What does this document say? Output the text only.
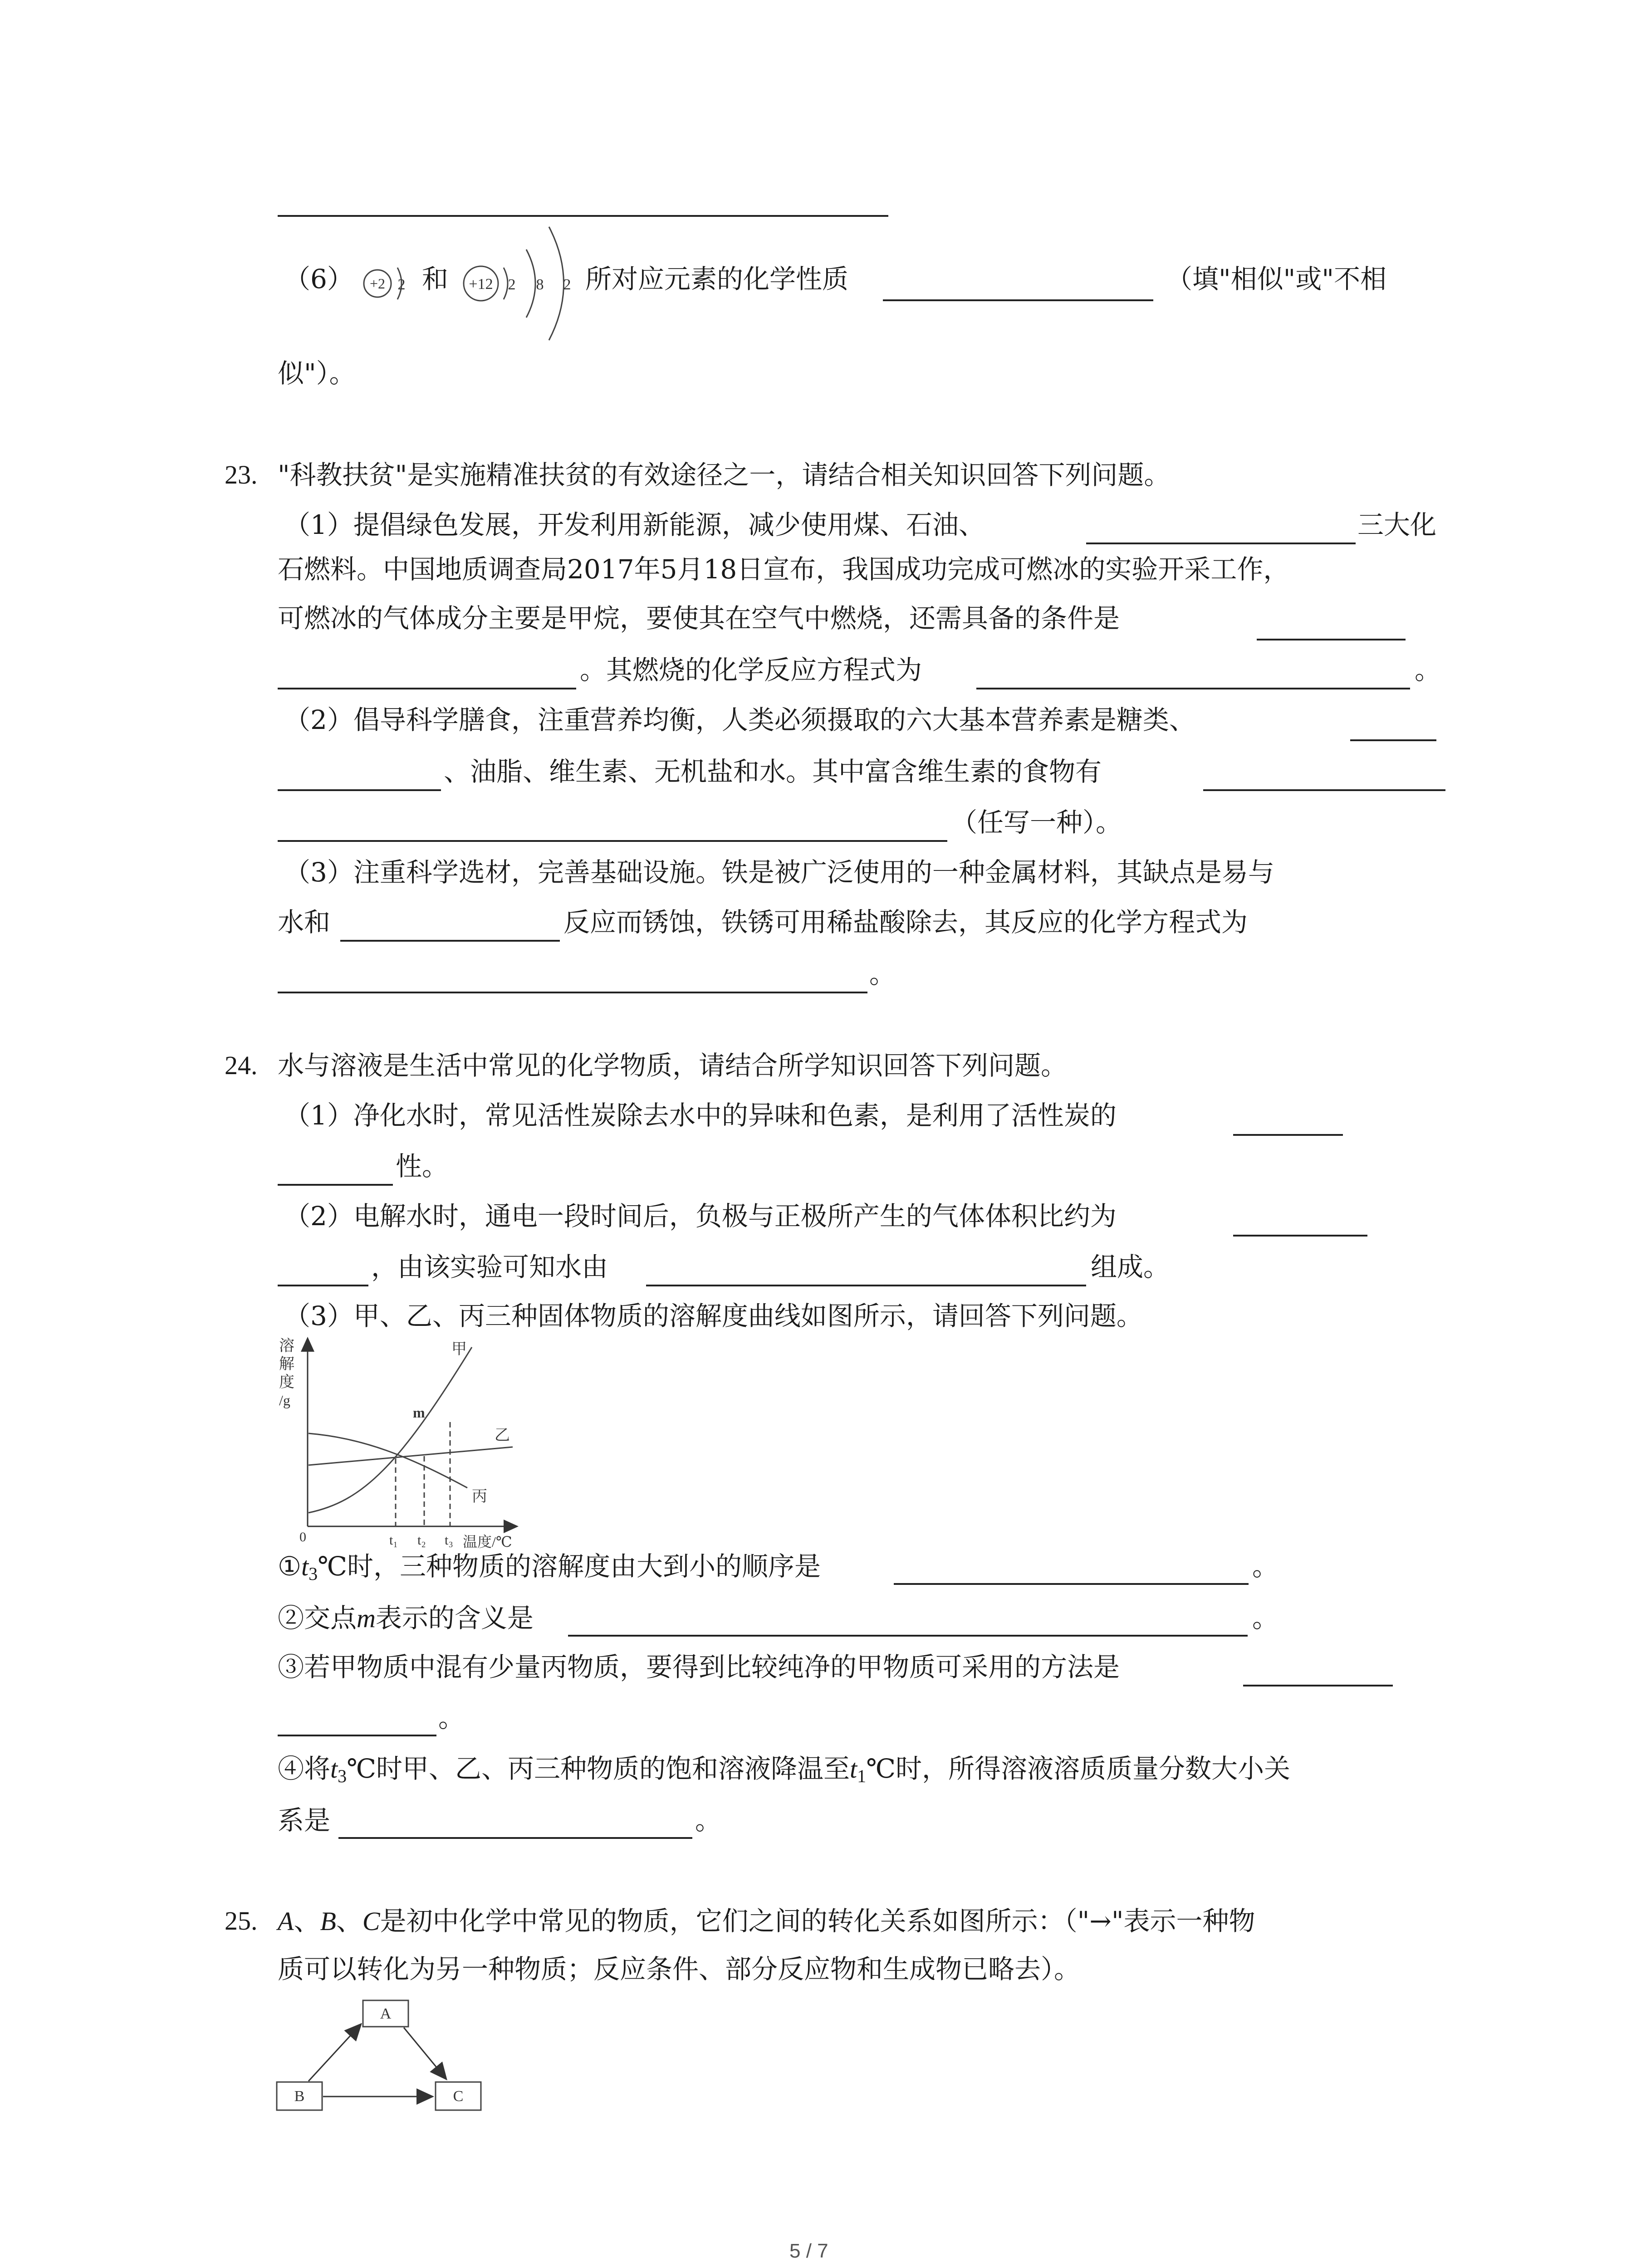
（6） +2 2 和 +12 2 8 2 所对应元素的化学性质	（填"相似"或"不相
似"）。
23. "科教扶贫"是实施精准扶贫的有效途径之一，请结合相关知识回答下列问题。
（1）提倡绿色发展，开发利用新能源，减少使用煤、石油、	三大化
石燃料。中国地质调查局2017年5月18日宣布，我国成功完成可燃冰的实验开采工作，
可燃冰的气体成分主要是甲烷，要使其在空气中燃烧，还需具备的条件是
。其燃烧的化学反应方程式为	。
（2）倡导科学膳食，注重营养均衡，人类必须摄取的六大基本营养素是糖类、
、油脂、维生素、无机盐和水。其中富含维生素的食物有
（任写一种）。
（3）注重科学选材，完善基础设施。铁是被广泛使用的一种金属材料，其缺点是易与
水和	反应而锈蚀，铁锈可用稀盐酸除去，其反应的化学方程式为
。
24. 水与溶液是生活中常见的化学物质，请结合所学知识回答下列问题。
（1）净化水时，常见活性炭除去水中的异味和色素，是利用了活性炭的
性。
（2）电解水时，通电一段时间后，负极与正极所产生的气体体积比约为
，由该实验可知水由	组成。
（3）甲、乙、丙三种固体物质的溶解度曲线如图所示，请回答下列问题。
溶
解
度
/g
0
甲
m
乙
丙
t₁ t₂ t₃ 温度/℃
$①t_3℃$时，三种物质的溶解度由大到小的顺序是	。
②交点m表示的含义是	。
③若甲物质中混有少量丙物质，要得到比较纯净的甲物质可采用的方法是
。
④将$t_3℃$时甲、乙、丙三种物质的饱和溶液降温至$t_1℃$时，所得溶液溶质质量分数大小关
系是	。
25. A、B、C是初中化学中常见的物质，它们之间的转化关系如图所示：（"→"表示一种物
质可以转化为另一种物质；反应条件、部分反应物和生成物已略去）。
A
B	C
5 / 7
